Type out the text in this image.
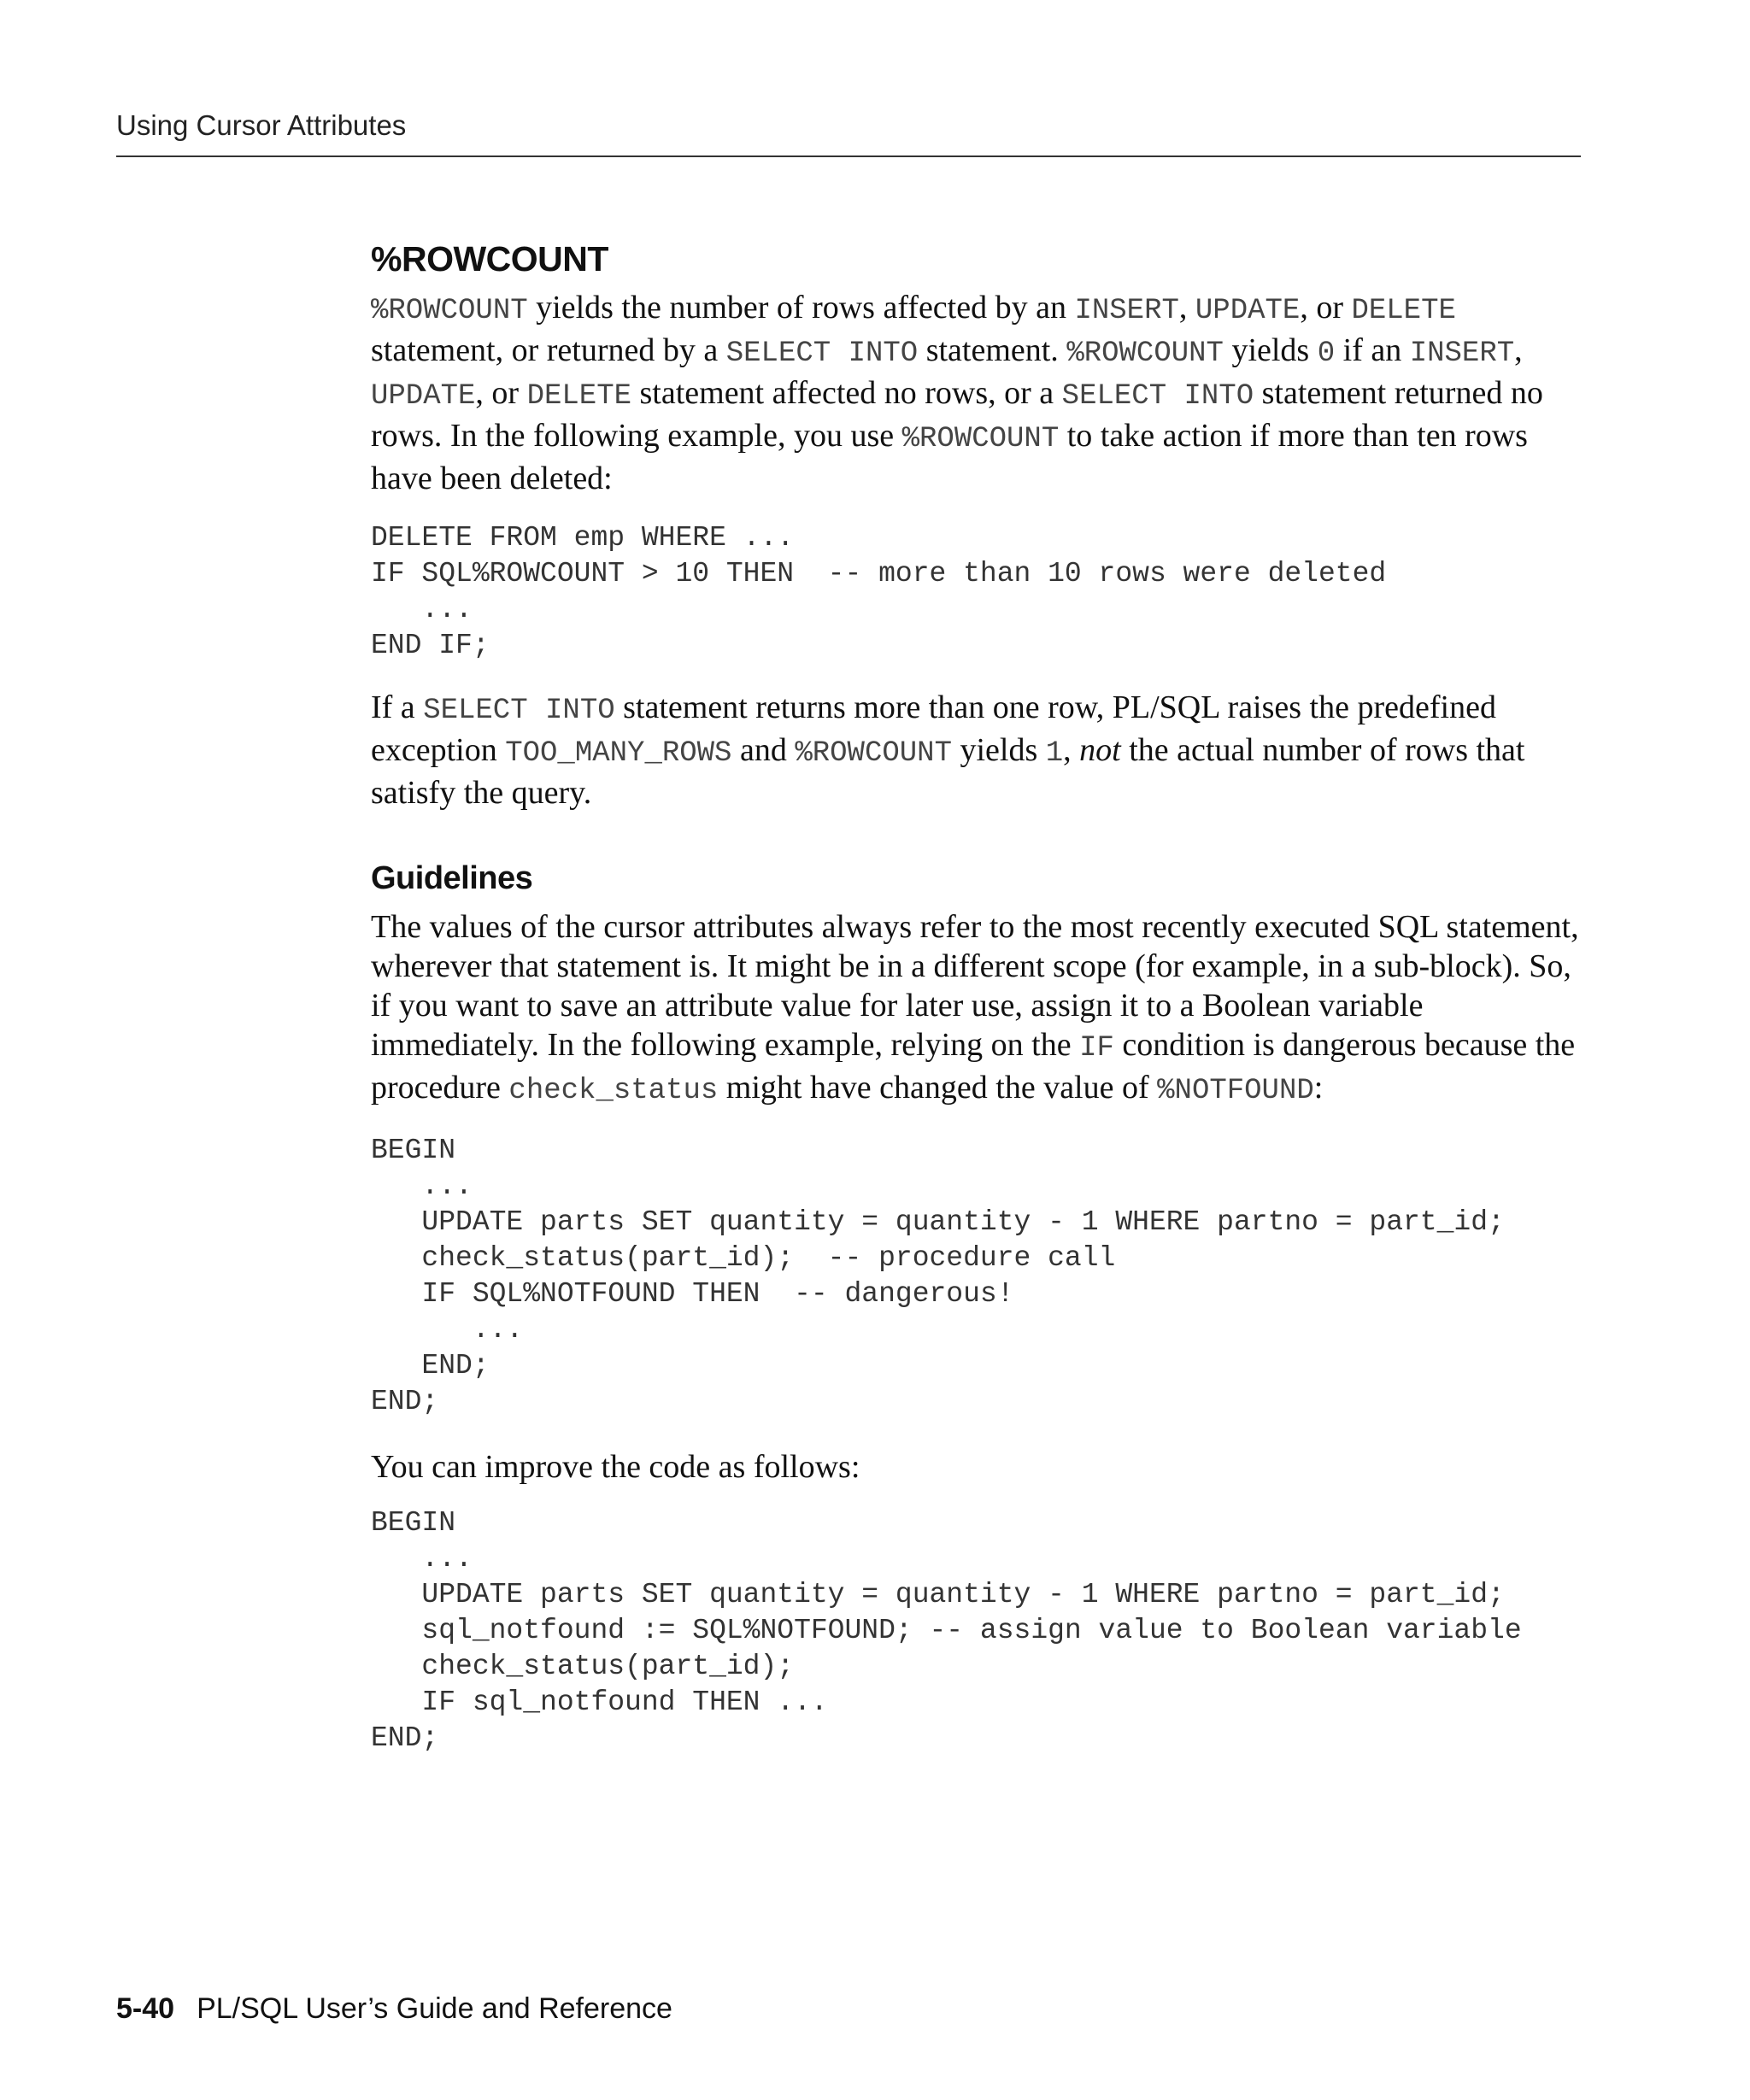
Using Cursor Attributes
%ROWCOUNT

%ROWCOUNT yields the number of rows affected by an INSERT, UPDATE, or DELETE statement, or returned by a SELECT INTO statement. %ROWCOUNT yields 0 if an INSERT, UPDATE, or DELETE statement affected no rows, or a SELECT INTO statement returned no rows. In the following example, you use %ROWCOUNT to take action if more than ten rows have been deleted:

DELETE FROM emp WHERE ...
IF SQL%ROWCOUNT > 10 THEN  -- more than 10 rows were deleted
...
END IF;

If a SELECT INTO statement returns more than one row, PL/SQL raises the predefined exception TOO_MANY_ROWS and %ROWCOUNT yields 1, not the actual number of rows that satisfy the query.

Guidelines

The values of the cursor attributes always refer to the most recently executed SQL statement, wherever that statement is. It might be in a different scope (for example, in a sub-block). So, if you want to save an attribute value for later use, assign it to a Boolean variable immediately. In the following example, relying on the IF condition is dangerous because the procedure check_status might have changed the value of %NOTFOUND:

BEGIN
...
UPDATE parts SET quantity = quantity - 1 WHERE partno = part_id;
check_status(part_id);  -- procedure call
IF SQL%NOTFOUND THEN  -- dangerous!
...
END;
END;

You can improve the code as follows:

BEGIN
...
UPDATE parts SET quantity = quantity - 1 WHERE partno = part_id;
sql_notfound := SQL%NOTFOUND; -- assign value to Boolean variable
check_status(part_id);
IF sql_notfound THEN ...
END;
5-40 PL/SQL User’s Guide and Reference
